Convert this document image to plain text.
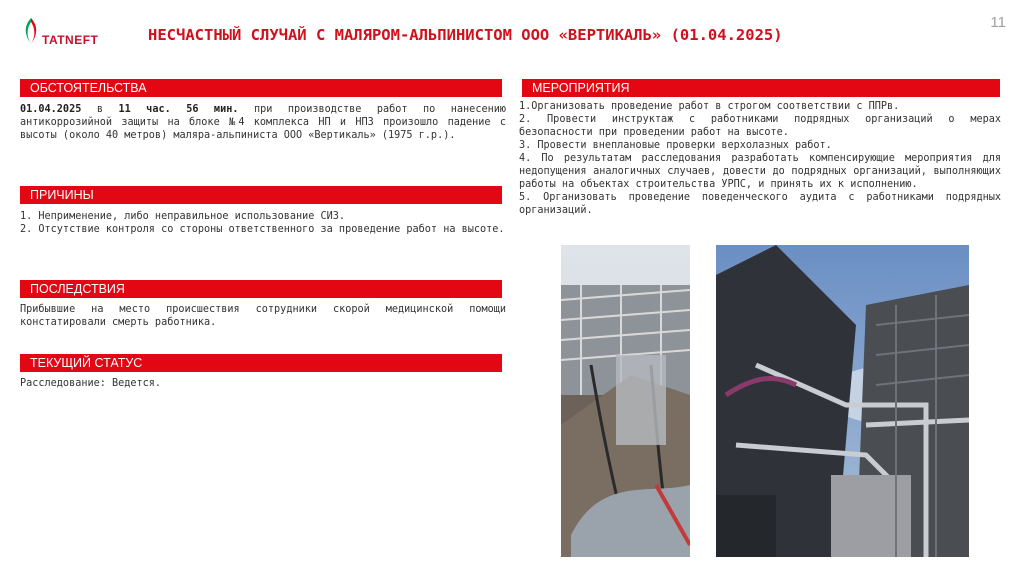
TATNEFT	НЕСЧАСТНЫЙ СЛУЧАЙ С МАЛЯРОМ-АЛЬПИНИСТОМ ООО «ВЕРТИКАЛЬ» (01.04.2025)
11
ОБСТОЯТЕЛЬСТВА
01.04.2025 в 11 час. 56 мин. при производстве работ по нанесению антикоррозийной защиты на блоке №4 комплекса НП и НПЗ произошло падение с высоты (около 40 метров) маляра-альпиниста ООО «Вертикаль» (1975 г.р.).
ПРИЧИНЫ
1. Неприменение, либо неправильное использование СИЗ.
2. Отсутствие контроля со стороны ответственного за проведение работ на высоте.
ПОСЛЕДСТВИЯ
Прибывшие на место происшествия сотрудники скорой медицинской помощи констатировали смерть работника.
ТЕКУЩИЙ СТАТУС
Расследование: Ведется.
МЕРОПРИЯТИЯ
1.Организовать проведение работ в строгом соответствии с ППРв.
2. Провести инструктаж с работниками подрядных организаций о мерах безопасности при проведении работ на высоте.
3. Провести внеплановые проверки верхолазных работ.
4. По результатам расследования разработать компенсирующие мероприятия для недопущения аналогичных случаев, довести до подрядных организаций, выполняющих работы на объектах строительства УРПС, и принять их к исполнению.
5. Организовать проведение поведенческого аудита с работниками подрядных организаций.
